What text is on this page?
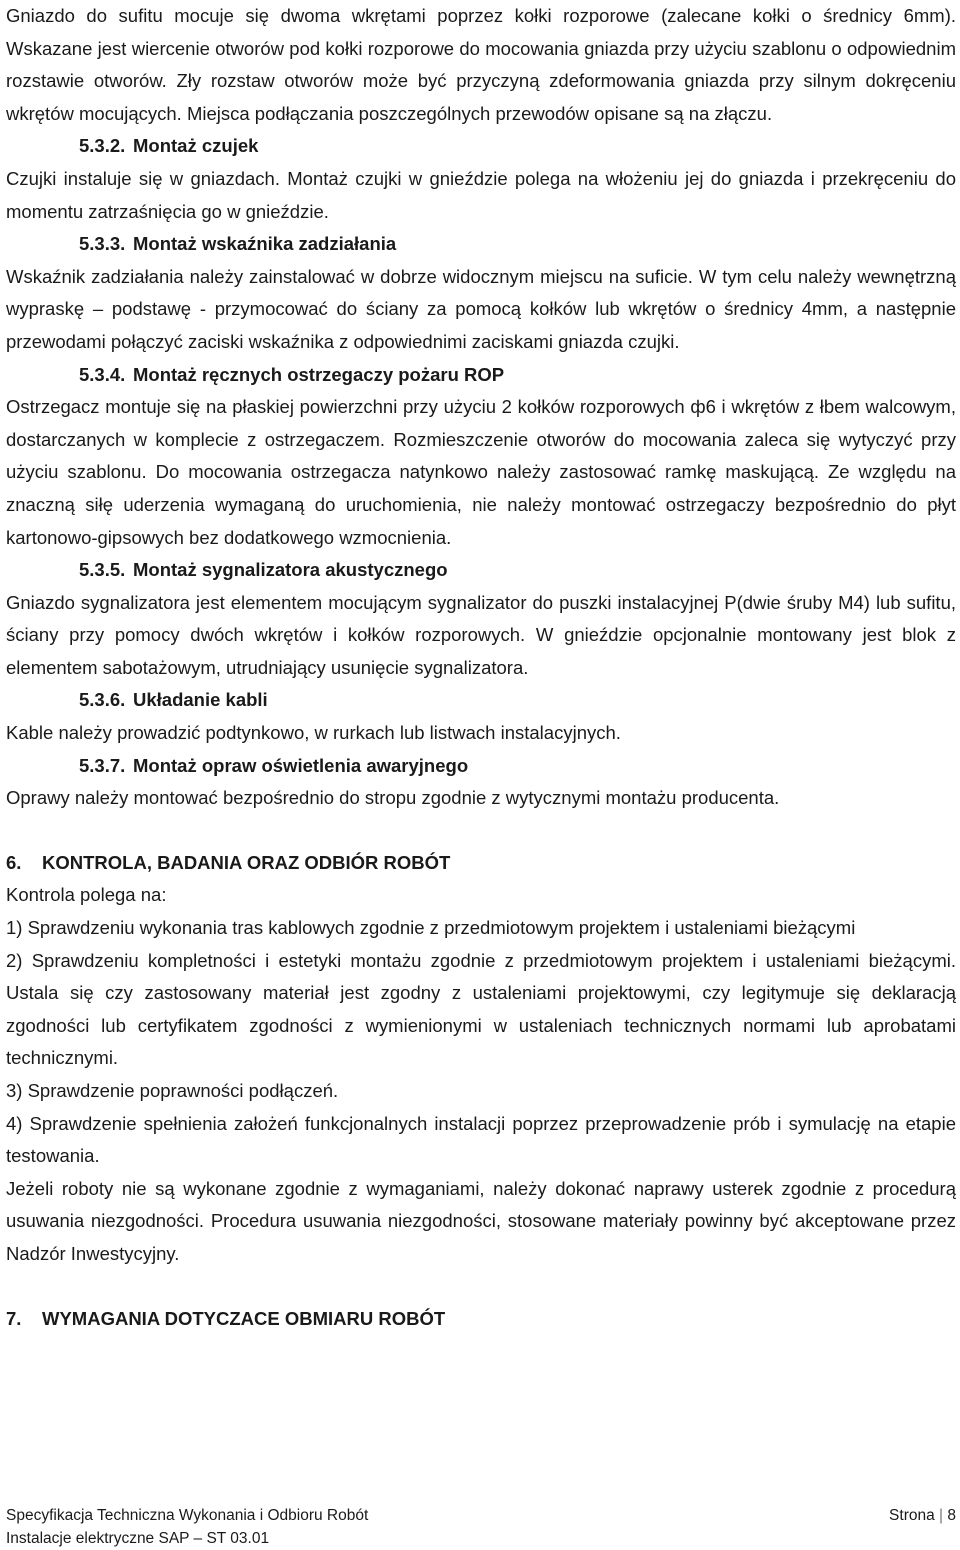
Gniazdo do sufitu mocuje się dwoma wkrętami poprzez kołki rozporowe (zalecane kołki o średnicy 6mm). Wskazane jest wiercenie otworów pod kołki rozporowe do mocowania gniazda przy użyciu szablonu o odpowiednim rozstawie otworów. Zły rozstaw otworów może być przyczyną zdeformowania gniazda przy silnym dokręceniu wkrętów mocujących. Miejsca podłączania poszczególnych przewodów opisane są na złączu.

5.3.2. Montaż czujek

Czujki instaluje się w gniazdach. Montaż czujki w gnieździe polega na włożeniu jej do gniazda i przekręceniu do momentu zatrzaśnięcia go w gnieździe.

5.3.3. Montaż wskaźnika zadziałania

Wskaźnik zadziałania należy zainstalować w dobrze widocznym miejscu na suficie. W tym celu należy wewnętrzną wypraskę – podstawę - przymocować do ściany za pomocą kołków lub wkrętów o średnicy 4mm, a następnie przewodami połączyć zaciski wskaźnika z odpowiednimi zaciskami gniazda czujki.

5.3.4. Montaż ręcznych ostrzegaczy pożaru ROP

Ostrzegacz montuje się na płaskiej powierzchni przy użyciu 2 kołków rozporowych ф6 i wkrętów z łbem walcowym, dostarczanych w komplecie z ostrzegaczem. Rozmieszczenie otworów do mocowania zaleca się wytyczyć przy użyciu szablonu. Do mocowania ostrzegacza natynkowo należy zastosować ramkę maskującą. Ze względu na znaczną siłę uderzenia wymaganą do uruchomienia, nie należy montować ostrzegaczy bezpośrednio do płyt kartonowo-gipsowych bez dodatkowego wzmocnienia.

5.3.5. Montaż sygnalizatora akustycznego

Gniazdo sygnalizatora jest elementem mocującym sygnalizator do puszki instalacyjnej P(dwie śruby M4) lub sufitu, ściany przy pomocy dwóch wkrętów i kołków rozporowych. W gnieździe opcjonalnie montowany jest blok z elementem sabotażowym, utrudniający usunięcie sygnalizatora.

5.3.6. Układanie kabli

Kable należy prowadzić podtynkowo, w rurkach lub listwach instalacyjnych.

5.3.7. Montaż opraw oświetlenia awaryjnego

Oprawy należy montować bezpośrednio do stropu zgodnie z wytycznymi montażu producenta.

6. KONTROLA, BADANIA ORAZ ODBIÓR ROBÓT

Kontrola polega na:

1) Sprawdzeniu wykonania tras kablowych zgodnie z przedmiotowym projektem i ustaleniami bieżącymi

2) Sprawdzeniu kompletności i estetyki montażu zgodnie z przedmiotowym projektem i ustaleniami bieżącymi. Ustala się czy zastosowany materiał jest zgodny z ustaleniami projektowymi, czy legitymuje się deklaracją zgodności lub certyfikatem zgodności z wymienionymi w ustaleniach technicznych normami lub aprobatami technicznymi.

3) Sprawdzenie poprawności podłączeń.

4) Sprawdzenie spełnienia założeń funkcjonalnych instalacji poprzez przeprowadzenie prób i symulację na etapie testowania.

Jeżeli roboty nie są wykonane zgodnie z wymaganiami, należy dokonać naprawy usterek zgodnie z procedurą usuwania niezgodności. Procedura usuwania niezgodności, stosowane materiały powinny być akceptowane przez Nadzór Inwestycyjny.

7. WYMAGANIA DOTYCZACE OBMIARU ROBÓT
Specyfikacja Techniczna Wykonania i Odbioru Robót	Strona | 8
Instalacje elektryczne SAP – ST 03.01
